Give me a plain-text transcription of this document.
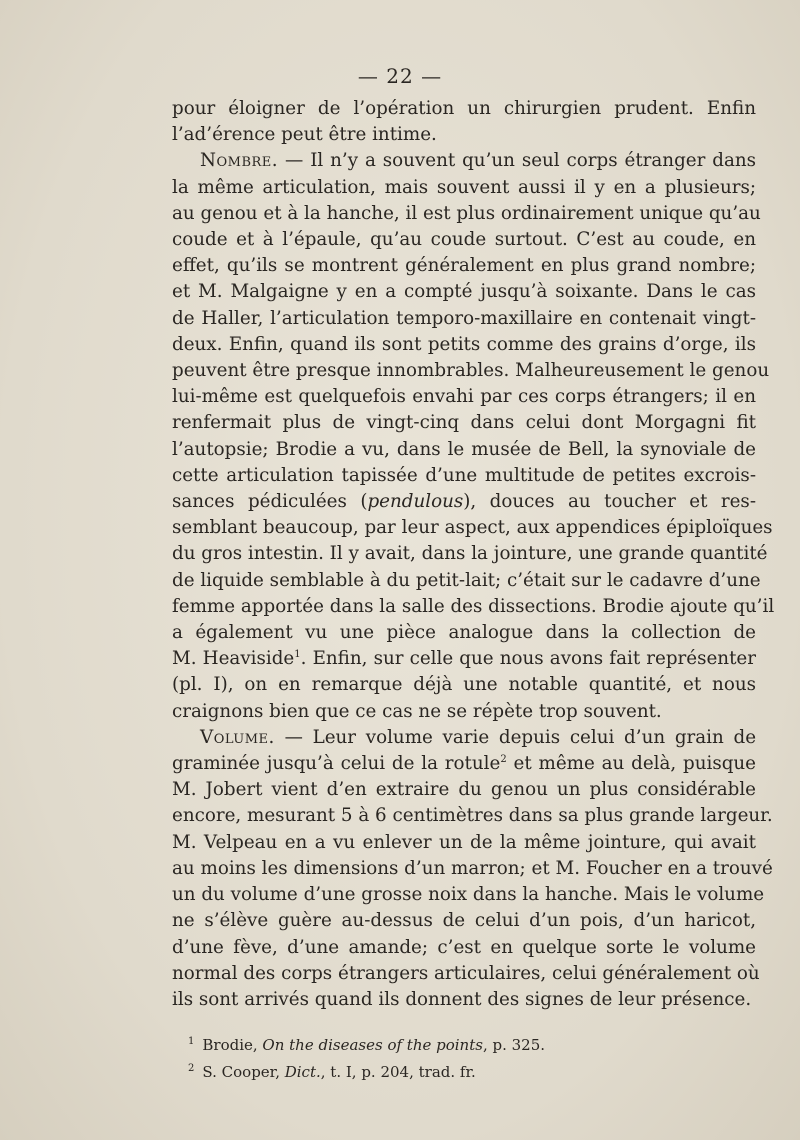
— 22 —
pour éloigner de l’opération un chirurgien prudent. Enfin
l’ad’érence peut être intime.
Nombre. — Il n’y a souvent qu’un seul corps étranger dans
la même articulation, mais souvent aussi il y en a plusieurs;
au genou et à la hanche, il est plus ordinairement unique qu’au
coude et à l’épaule, qu’au coude surtout. C’est au coude, en
effet, qu’ils se montrent généralement en plus grand nombre;
et M. Malgaigne y en a compté jusqu’à soixante. Dans le cas
de Haller, l’articulation temporo-maxillaire en contenait vingt-
deux. Enfin, quand ils sont petits comme des grains d’orge, ils
peuvent être presque innombrables. Malheureusement le genou
lui-même est quelquefois envahi par ces corps étrangers; il en
renfermait plus de vingt-cinq dans celui dont Morgagni fit
l’autopsie; Brodie a vu, dans le musée de Bell, la synoviale de
cette articulation tapissée d’une multitude de petites excrois-
sances pédiculées (pendulous), douces au toucher et res-
semblant beaucoup, par leur aspect, aux appendices épiploïques
du gros intestin. Il y avait, dans la jointure, une grande quantité
de liquide semblable à du petit-lait; c’était sur le cadavre d’une
femme apportée dans la salle des dissections. Brodie ajoute qu’il
a également vu une pièce analogue dans la collection de
M. Heaviside$^1$. Enfin, sur celle que nous avons fait représenter
(pl. I), on en remarque déjà une notable quantité, et nous
craignons bien que ce cas ne se répète trop souvent.
Volume. — Leur volume varie depuis celui d’un grain de
graminée jusqu’à celui de la rotule$^2$ et même au delà, puisque
M. Jobert vient d’en extraire du genou un plus considérable
encore, mesurant 5 à 6 centimètres dans sa plus grande largeur.
M. Velpeau en a vu enlever un de la même jointure, qui avait
au moins les dimensions d’un marron; et M. Foucher en a trouvé
un du volume d’une grosse noix dans la hanche. Mais le volume
ne s’élève guère au-dessus de celui d’un pois, d’un haricot,
d’une fève, d’une amande; c’est en quelque sorte le volume
normal des corps étrangers articulaires, celui généralement où
ils sont arrivés quand ils donnent des signes de leur présence.
$^1$ Brodie, On the diseases of the points, p. 325.
$^2$ S. Cooper, Dict., t. I, p. 204, trad. fr.
